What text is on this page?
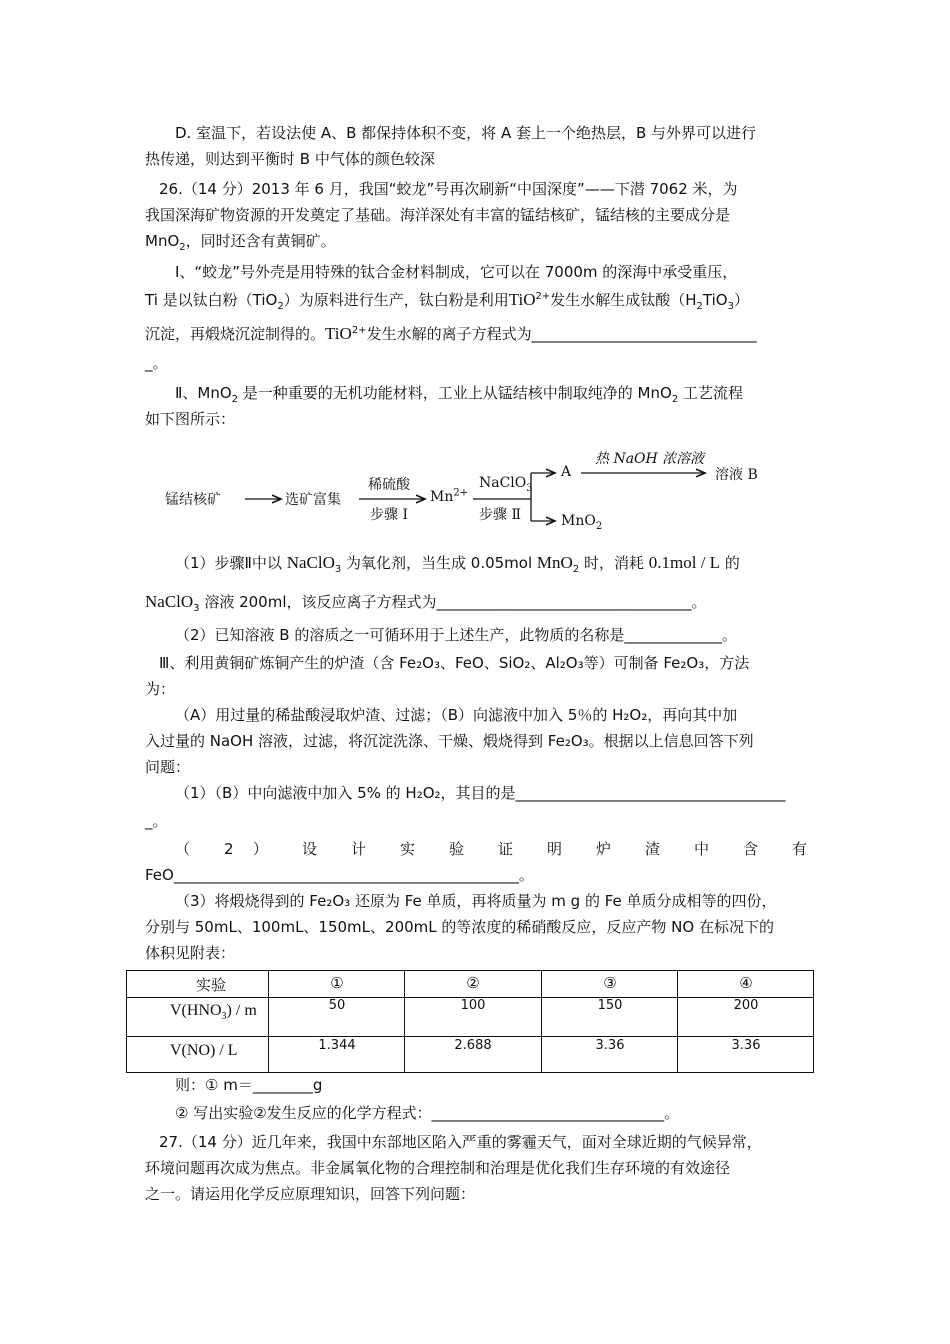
D. 室温下，若设法使 A、B 都保持体积不变，将 A 套上一个绝热层，B 与外界可以进行

热传递，则达到平衡时 B 中气体的颜色较深

26.（14 分）2013 年 6 月，我国“蛟龙”号再次刷新“中国深度”——下潜 7062 米，为

我国深海矿物资源的开发奠定了基础。海洋深处有丰富的锰结核矿，锰结核的主要成分是

MnO$_2$，同时还含有黄铜矿。

Ⅰ、“蛟龙”号外壳是用特殊的钛合金材料制成，它可以在 7000m 的深海中承受重压，

Ti 是以钛白粉（TiO$_2$）为原料进行生产，钛白粉是利用TiO$^{2+}$发生水解生成钛酸$(H_2TiO_3)$

沉淀，再煅烧沉淀制得的。TiO$^{2+}$发生水解的离子方程式为______________________________

_。

Ⅱ、MnO$_2$ 是一种重要的无机功能材料，工业上从锰结核中制取纯净的 MnO$_2$ 工艺流程

如下图所示：

锰结核矿	选矿富集
稀硫酸
步骤 Ⅰ
$Mn^{2+}$
NaClO$_3$
步骤 Ⅱ
A
热 NaOH 浓溶液
溶液 B
MnO$_2$

（1）步骤Ⅱ中以 NaClO$_3$ 为氧化剂，当生成 0.05mol MnO$_2$ 时，消耗 0.1mol / L 的

NaClO$_3$ 溶液 200ml，该反应离子方程式为__________________________________。

（2）已知溶液 B 的溶质之一可循环用于上述生产，此物质的名称是_____________。

Ⅲ、利用黄铜矿炼铜产生的炉渣（含 Fe₂O₃、FeO、SiO₂、Al₂O₃等）可制备 Fe₂O₃，方法

为：

（A）用过量的稀盐酸浸取炉渣、过滤；（B）向滤液中加入 5％的 H₂O₂，再向其中加

入过量的 NaOH 溶液，过滤，将沉淀洗涤、干燥、煅烧得到 Fe₂O₃。根据以上信息回答下列

问题：

（1）（B）中向滤液中加入 5% 的 H₂O₂，其目的是____________________________________

_。

（ 2 ） 设 计 实 验 证 明 炉 渣 中 含 有

FeO______________________________________________。

（3）将煅烧得到的 Fe₂O₃ 还原为 Fe 单质，再将质量为 m g 的 Fe 单质分成相等的四份，

分别与 50mL、100mL、150mL、200mL 的等浓度的稀硝酸反应，反应产物 NO 在标况下的

体积见附表：

实验	①	②	③	④
$V(HNO_3)$ / m	50	100	150	200
V(NO) / L	1.344	2.688	3.36	3.36

则：① m＝________g

② 写出实验②发生反应的化学方程式：_______________________________。

27.（14 分）近几年来，我国中东部地区陷入严重的雾霾天气，面对全球近期的气候异常，

环境问题再次成为焦点。非金属氧化物的合理控制和治理是优化我们生存环境的有效途径

之一。请运用化学反应原理知识，回答下列问题：
